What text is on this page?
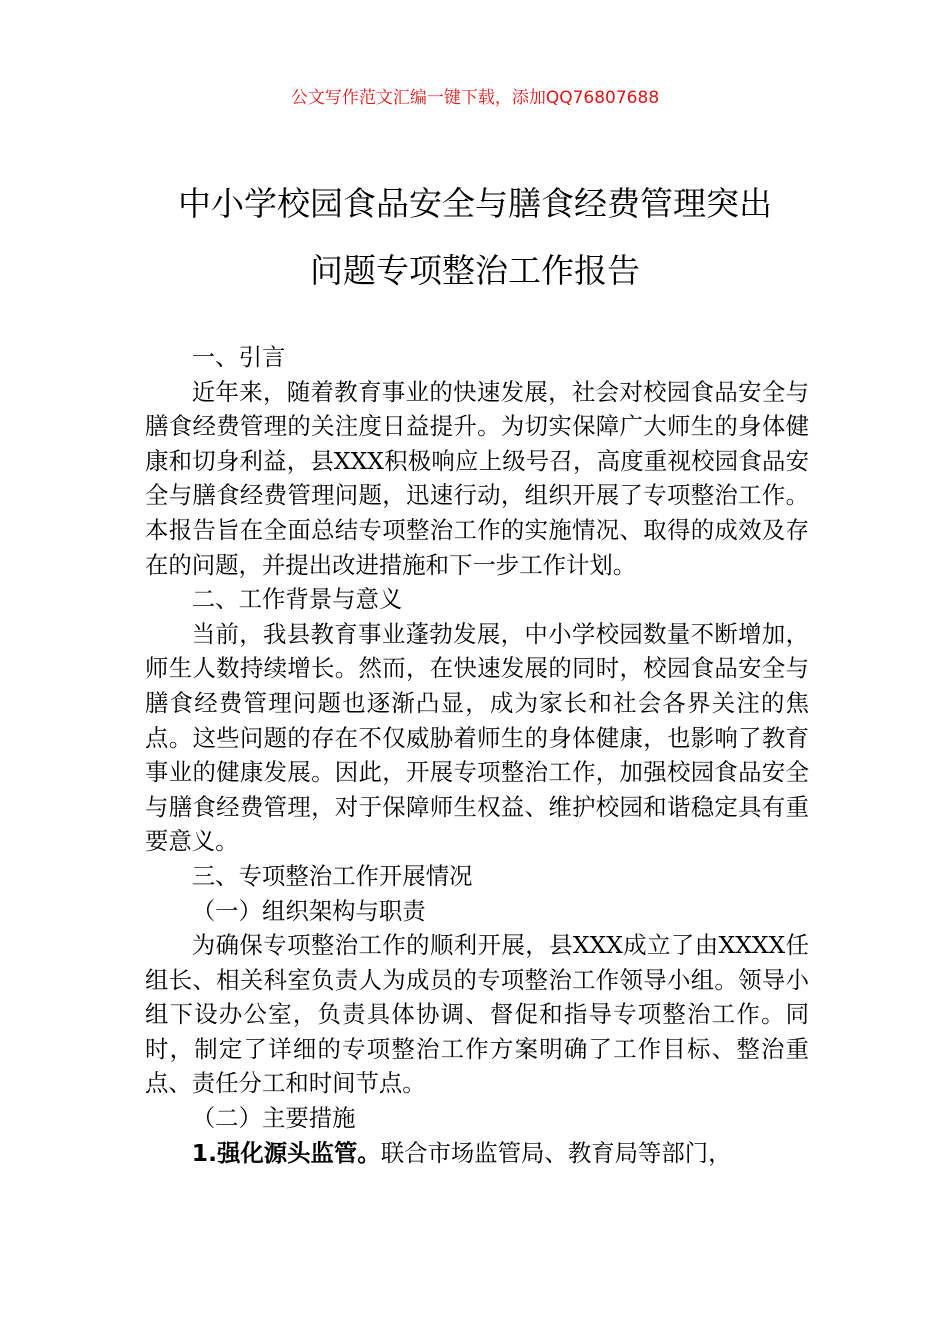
公文写作范文汇编一键下载，添加QQ76807688
中小学校园食品安全与膳食经费管理突出
问题专项整治工作报告

一、引言

近年来，随着教育事业的快速发展，社会对校园食品安全与膳食经费管理的关注度日益提升。为切实保障广大师生的身体健康和切身利益，县XXX积极响应上级号召，高度重视校园食品安全与膳食经费管理问题，迅速行动，组织开展了专项整治工作。本报告旨在全面总结专项整治工作的实施情况、取得的成效及存在的问题，并提出改进措施和下一步工作计划。

二、工作背景与意义

当前，我县教育事业蓬勃发展，中小学校园数量不断增加，师生人数持续增长。然而，在快速发展的同时，校园食品安全与膳食经费管理问题也逐渐凸显，成为家长和社会各界关注的焦点。这些问题的存在不仅威胁着师生的身体健康，也影响了教育事业的健康发展。因此，开展专项整治工作，加强校园食品安全与膳食经费管理，对于保障师生权益、维护校园和谐稳定具有重要意义。

三、专项整治工作开展情况

（一）组织架构与职责

为确保专项整治工作的顺利开展，县XXX成立了由XXXX任组长、相关科室负责人为成员的专项整治工作领导小组。领导小组下设办公室，负责具体协调、督促和指导专项整治工作。同时，制定了详细的专项整治工作方案明确了工作目标、整治重点、责任分工和时间节点。

（二）主要措施

1.强化源头监管。联合市场监管局、教育局等部门，
